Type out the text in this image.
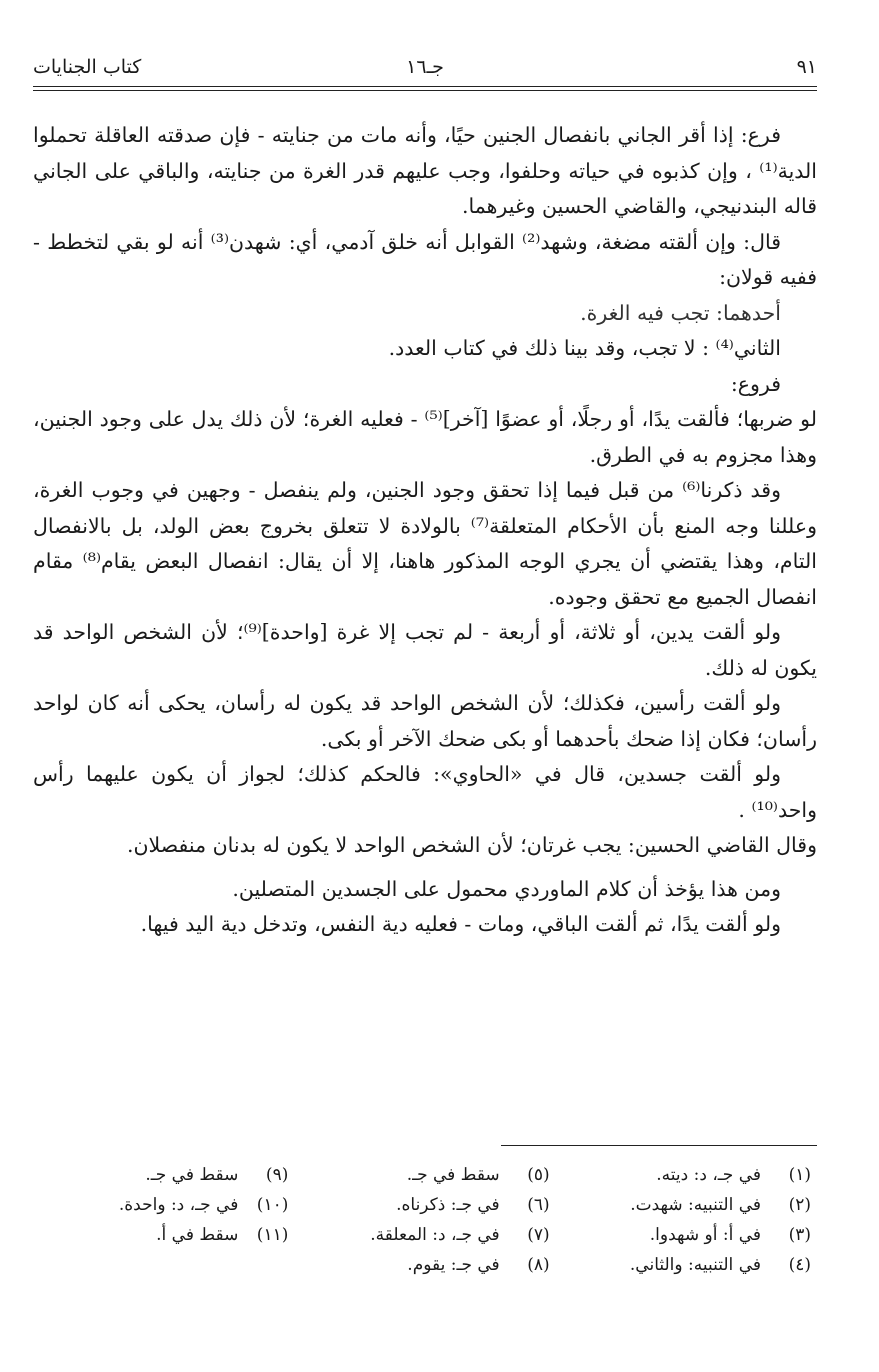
٩١
جـ١٦
كتاب الجنايات

فرع: إذا أقر الجاني بانفصال الجنين حيًا، وأنه مات من جنايته - فإن صدقته العاقلة تحملوا الدية⁽¹⁾ ، وإن كذبوه في حياته وحلفوا، وجب عليهم قدر الغرة من جنايته، والباقي على الجاني قاله البندنيجي، والقاضي الحسين وغيرهما.

قال: وإن ألقته مضغة، وشهد⁽²⁾ القوابل أنه خلق آدمي، أي: شهدن⁽³⁾ أنه لو بقي لتخطط - ففيه قولان:

أحدهما: تجب فيه الغرة.

الثاني⁽⁴⁾ : لا تجب، وقد بينا ذلك في كتاب العدد.

فروع:

لو ضربها؛ فألقت يدًا، أو رجلًا، أو عضوًا [آخر]⁽⁵⁾ - فعليه الغرة؛ لأن ذلك يدل على وجود الجنين، وهذا مجزوم به في الطرق.

وقد ذكرنا⁽⁶⁾ من قبل فيما إذا تحقق وجود الجنين، ولم ينفصل - وجهين في وجوب الغرة، وعللنا وجه المنع بأن الأحكام المتعلقة⁽⁷⁾ بالولادة لا تتعلق بخروج بعض الولد، بل بالانفصال التام، وهذا يقتضي أن يجري الوجه المذكور هاهنا، إلا أن يقال: انفصال البعض يقام⁽⁸⁾ مقام انفصال الجميع مع تحقق وجوده.

ولو ألقت يدين، أو ثلاثة، أو أربعة - لم تجب إلا غرة [واحدة]⁽⁹⁾؛ لأن الشخص الواحد قد يكون له ذلك.

ولو ألقت رأسين، فكذلك؛ لأن الشخص الواحد قد يكون له رأسان، يحكى أنه كان لواحد رأسان؛ فكان إذا ضحك بأحدهما أو بكى ضحك الآخر أو بكى.

ولو ألقت جسدين، قال في «الحاوي»: فالحكم كذلك؛ لجواز أن يكون عليهما رأس واحد⁽¹⁰⁾ .

وقال القاضي الحسين: يجب غرتان؛ لأن الشخص الواحد لا يكون له بدنان منفصلان.

ومن هذا يؤخذ أن كلام الماوردي محمول على الجسدين المتصلين.

ولو ألقت يدًا، ثم ألقت الباقي، ومات - فعليه دية النفس، وتدخل دية اليد فيها.

(١)في جـ، د: ديته.
(٢)في التنبيه: شهدت.
(٣)في أ: أو شهدوا.
(٤)في التنبيه: والثاني.
(٥)سقط في جـ.
(٦)في جـ: ذكرناه.
(٧)في جـ، د: المعلقة.
(٨)في جـ: يقوم.
(٩)سقط في جـ.
(١٠)في جـ، د: واحدة.
(١١)سقط في أ.
